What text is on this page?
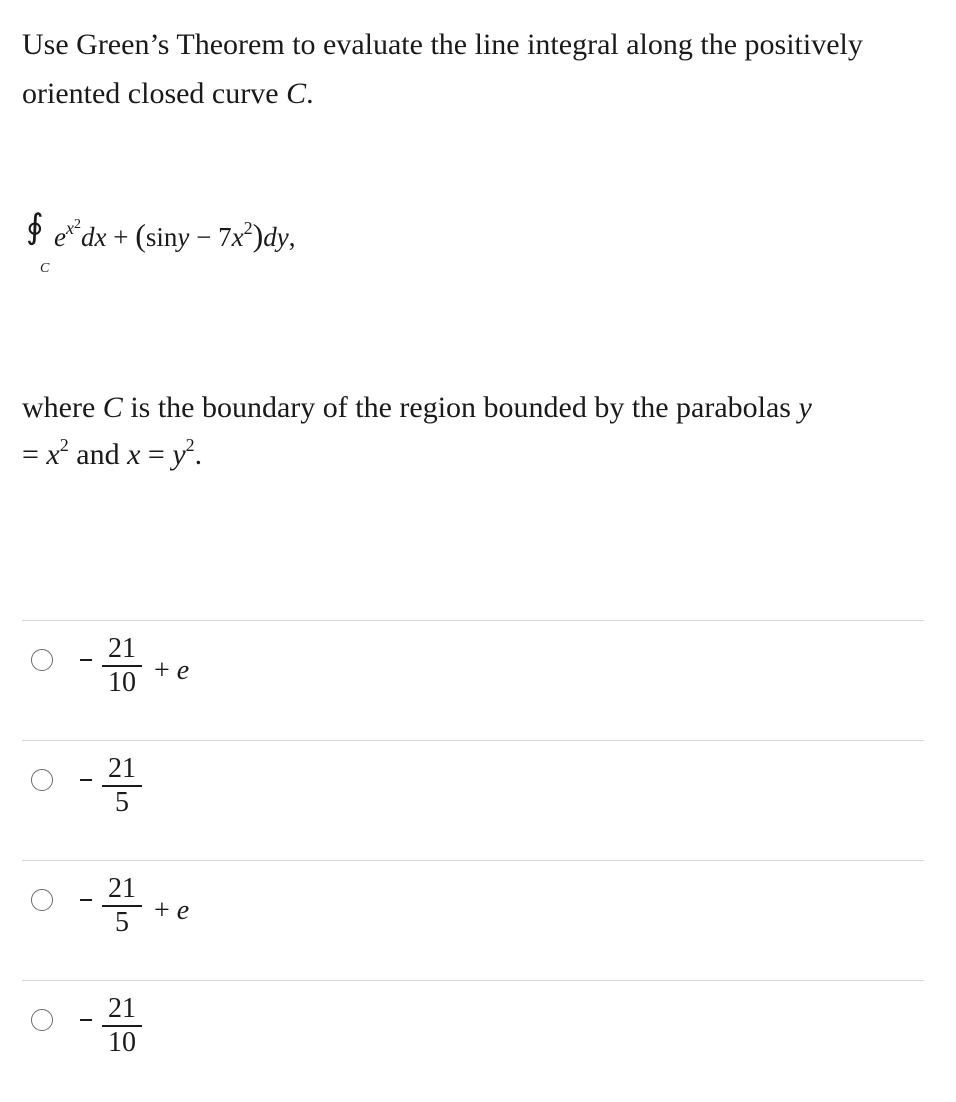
Use Green’s Theorem to evaluate the line integral along the positively
oriented closed curve C.
∮
C
$e^{x^2}dx + (\sin y - 7x^2)dy$,
where C is the boundary of the region bounded by the parabolas y
= $x^2$ and $x = y^2$.
21
10 + e
21
5
21
5 + e
21
10
